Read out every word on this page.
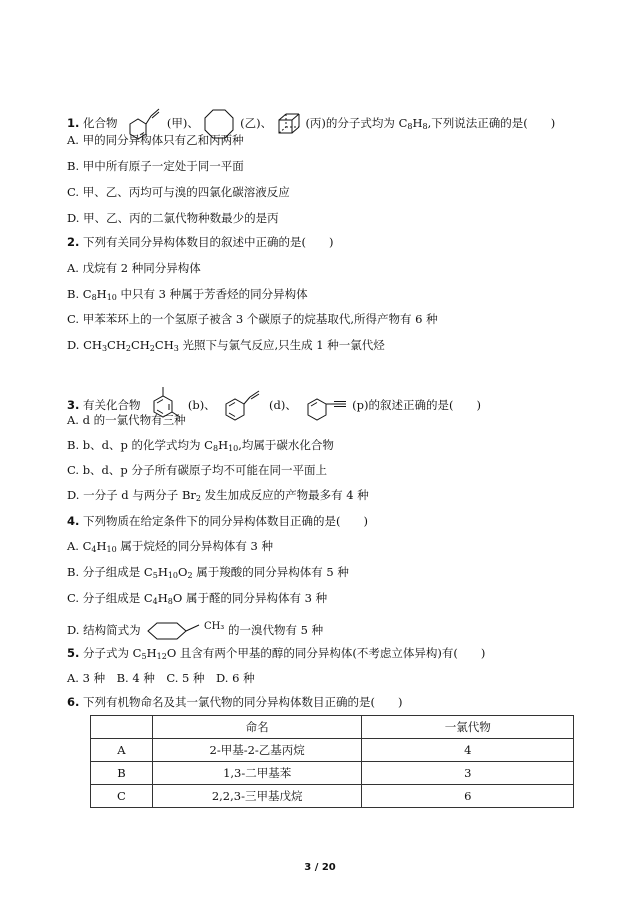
1. 化合物	(甲)、	(乙)、	(丙)的分子式均为 $C_8H_8$,下列说法正确的是(　　)
A. 甲的同分异构体只有乙和丙两种
B. 甲中所有原子一定处于同一平面
C. 甲、乙、丙均可与溴的四氯化碳溶液反应
D. 甲、乙、丙的二氯代物种数最少的是丙
2. 下列有关同分异构体数目的叙述中正确的是(　　)
A. 戊烷有 2 种同分异构体
B. $C_8H_{10}$ 中只有 3 种属于芳香烃的同分异构体
C. 甲苯苯环上的一个氢原子被含 3 个碳原子的烷基取代,所得产物有 6 种
D. $CH_3CH_2CH_2CH_3$ 光照下与氯气反应,只生成 1 种一氯代烃
3. 有关化合物	(b)、	(d)、	(p)的叙述正确的是(　　)
A. d 的一氯代物有三种
B. b、d、p 的化学式均为 $C_8H_{10}$,均属于碳水化合物
C. b、d、p 分子所有碳原子均不可能在同一平面上
D. 一分子 d 与两分子 $Br_2$ 发生加成反应的产物最多有 4 种
4. 下列物质在给定条件下的同分异构体数目正确的是(　　)
A. $C_4H_{10}$ 属于烷烃的同分异构体有 3 种
B. 分子组成是 $C_5H_{10}O_2$ 属于羧酸的同分异构体有 5 种
C. 分子组成是 $C_4H_8O$ 属于醛的同分异构体有 3 种
D. 结构简式为	CH₃ 的一溴代物有 5 种
5. 分子式为 $C_5H_{12}O$ 且含有两个甲基的醇的同分异构体(不考虑立体异构)有(　　)
A. 3 种　B. 4 种　C. 5 种　D. 6 种
6. 下列有机物命名及其一氯代物的同分异构体数目正确的是(　　)
	命名	一氯代物
A	2-甲基-2-乙基丙烷	4
B	1,3-二甲基苯	3
C	2,2,3-三甲基戊烷	6
3 / 20
